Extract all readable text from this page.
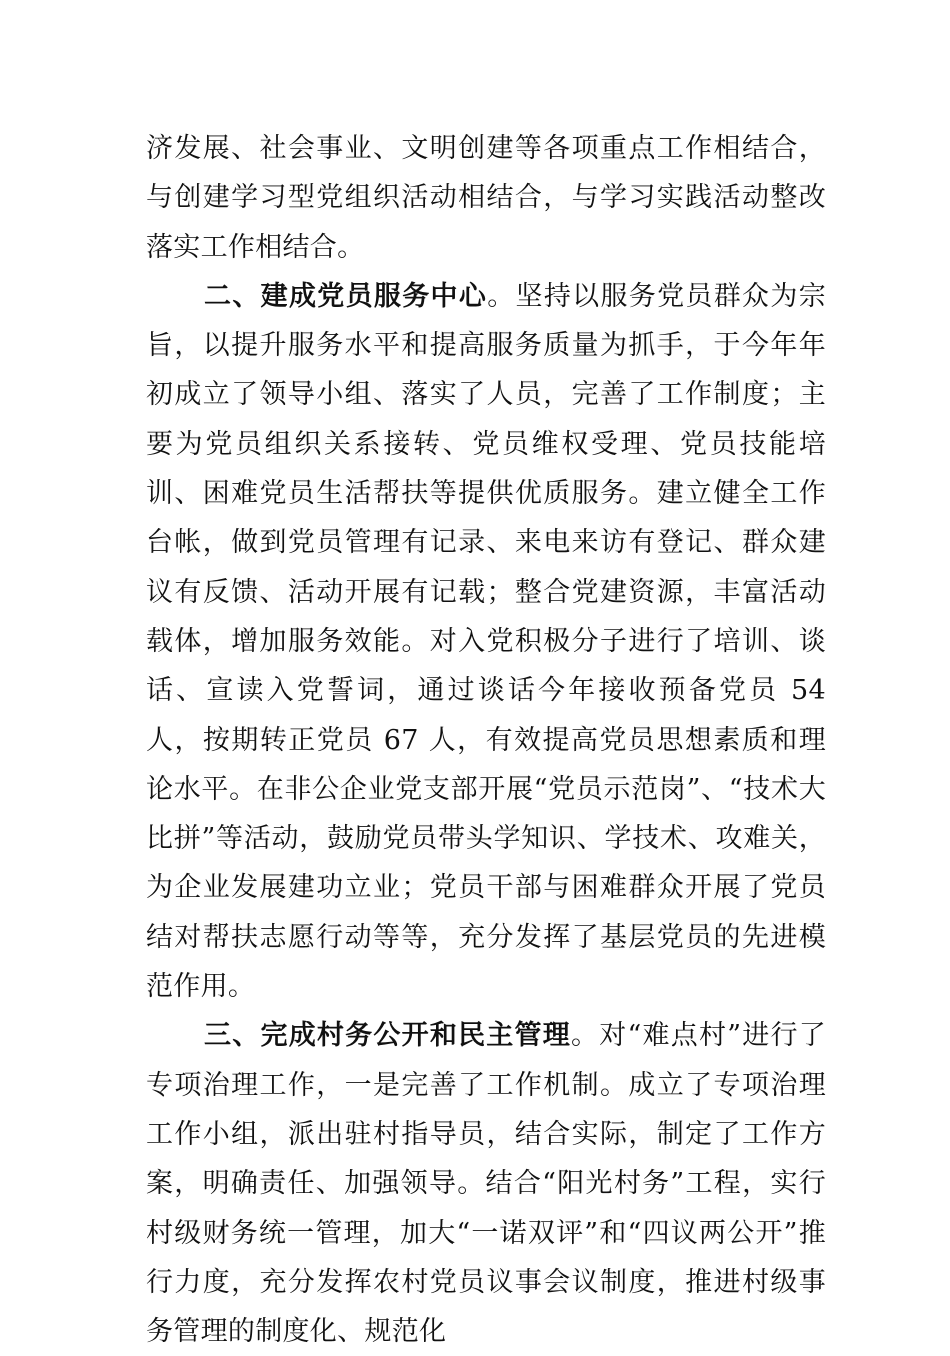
济发展、社会事业、文明创建等各项重点工作相结合，与创建学习型党组织活动相结合，与学习实践活动整改落实工作相结合。

二、建成党员服务中心。坚持以服务党员群众为宗旨，以提升服务水平和提高服务质量为抓手，于今年年初成立了领导小组、落实了人员，完善了工作制度；主要为党员组织关系接转、党员维权受理、党员技能培训、困难党员生活帮扶等提供优质服务。建立健全工作台帐，做到党员管理有记录、来电来访有登记、群众建议有反馈、活动开展有记载；整合党建资源，丰富活动载体，增加服务效能。对入党积极分子进行了培训、谈话、宣读入党誓词，通过谈话今年接收预备党员 54 人，按期转正党员 67 人，有效提高党员思想素质和理论水平。在非公企业党支部开展“党员示范岗”、“技术大比拼”等活动，鼓励党员带头学知识、学技术、攻难关，为企业发展建功立业；党员干部与困难群众开展了党员结对帮扶志愿行动等等，充分发挥了基层党员的先进模范作用。

三、完成村务公开和民主管理。对“难点村”进行了专项治理工作，一是完善了工作机制。成立了专项治理工作小组，派出驻村指导员，结合实际，制定了工作方案，明确责任、加强领导。结合“阳光村务”工程，实行村级财务统一管理，加大“一诺双评”和“四议两公开”推行力度，充分发挥农村党员议事会议制度，推进村级事务管理的制度化、规范化
